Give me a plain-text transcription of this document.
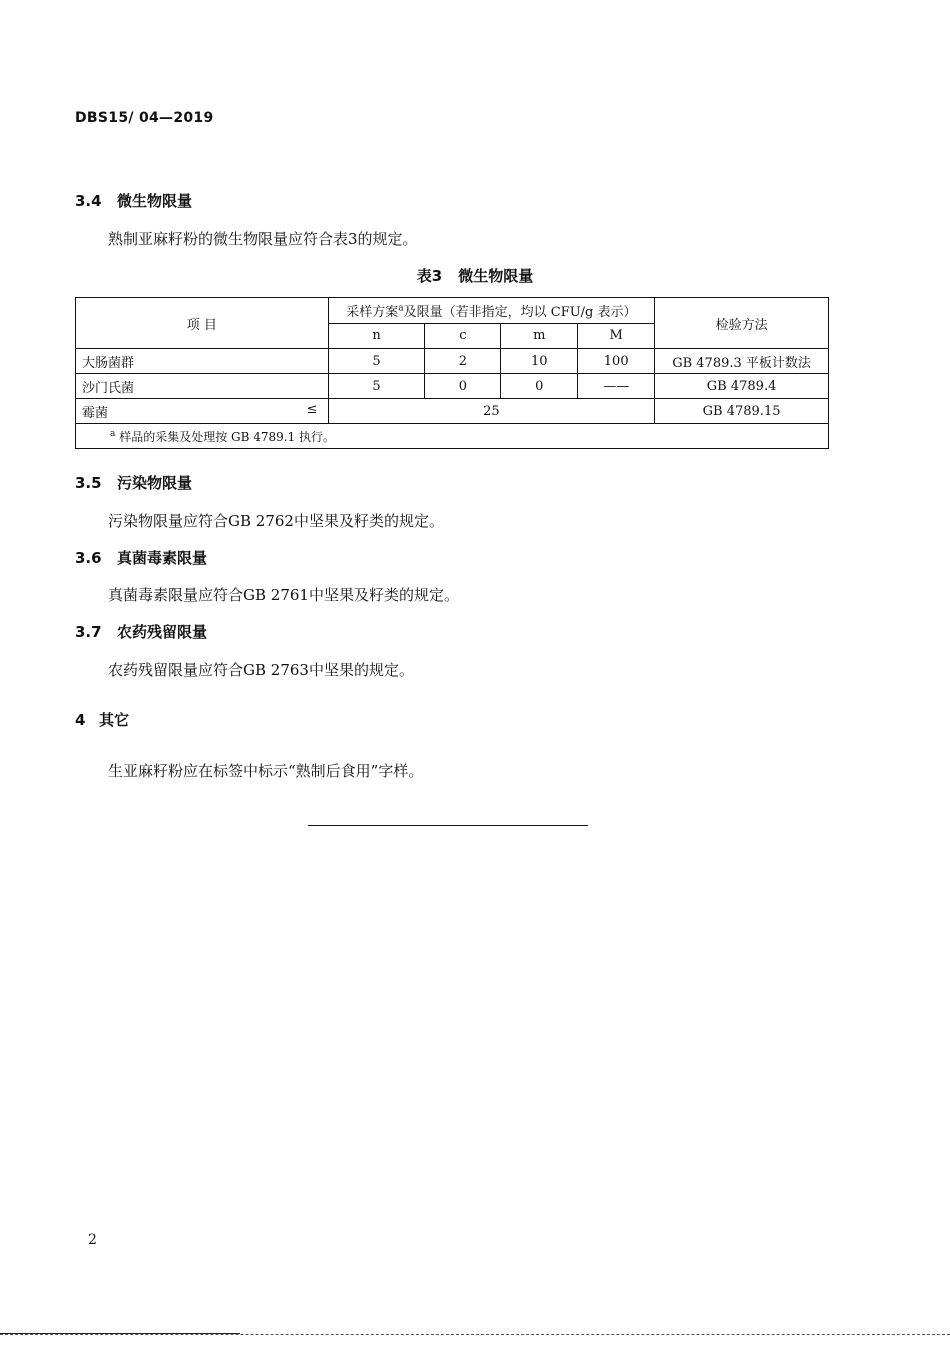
DBS15/ 04—2019
3.4 微生物限量
熟制亚麻籽粉的微生物限量应符合表3的规定。
表3 微生物限量
项 目	采样方案$^a$及限量（若非指定，均以 CFU/g 表示）				检验方法
	n	c	m	M	
大肠菌群	5	2	10	100	GB 4789.3 平板计数法
沙门氏菌	5	0	0	——	GB 4789.4
霉菌 ≤	25				GB 4789.15
$^a$ 样品的采集及处理按 GB 4789.1 执行。					
3.5 污染物限量
污染物限量应符合GB 2762中坚果及籽类的规定。
3.6 真菌毒素限量
真菌毒素限量应符合GB 2761中坚果及籽类的规定。
3.7 农药残留限量
农药残留限量应符合GB 2763中坚果的规定。
4 其它
生亚麻籽粉应在标签中标示“熟制后食用”字样。
2
